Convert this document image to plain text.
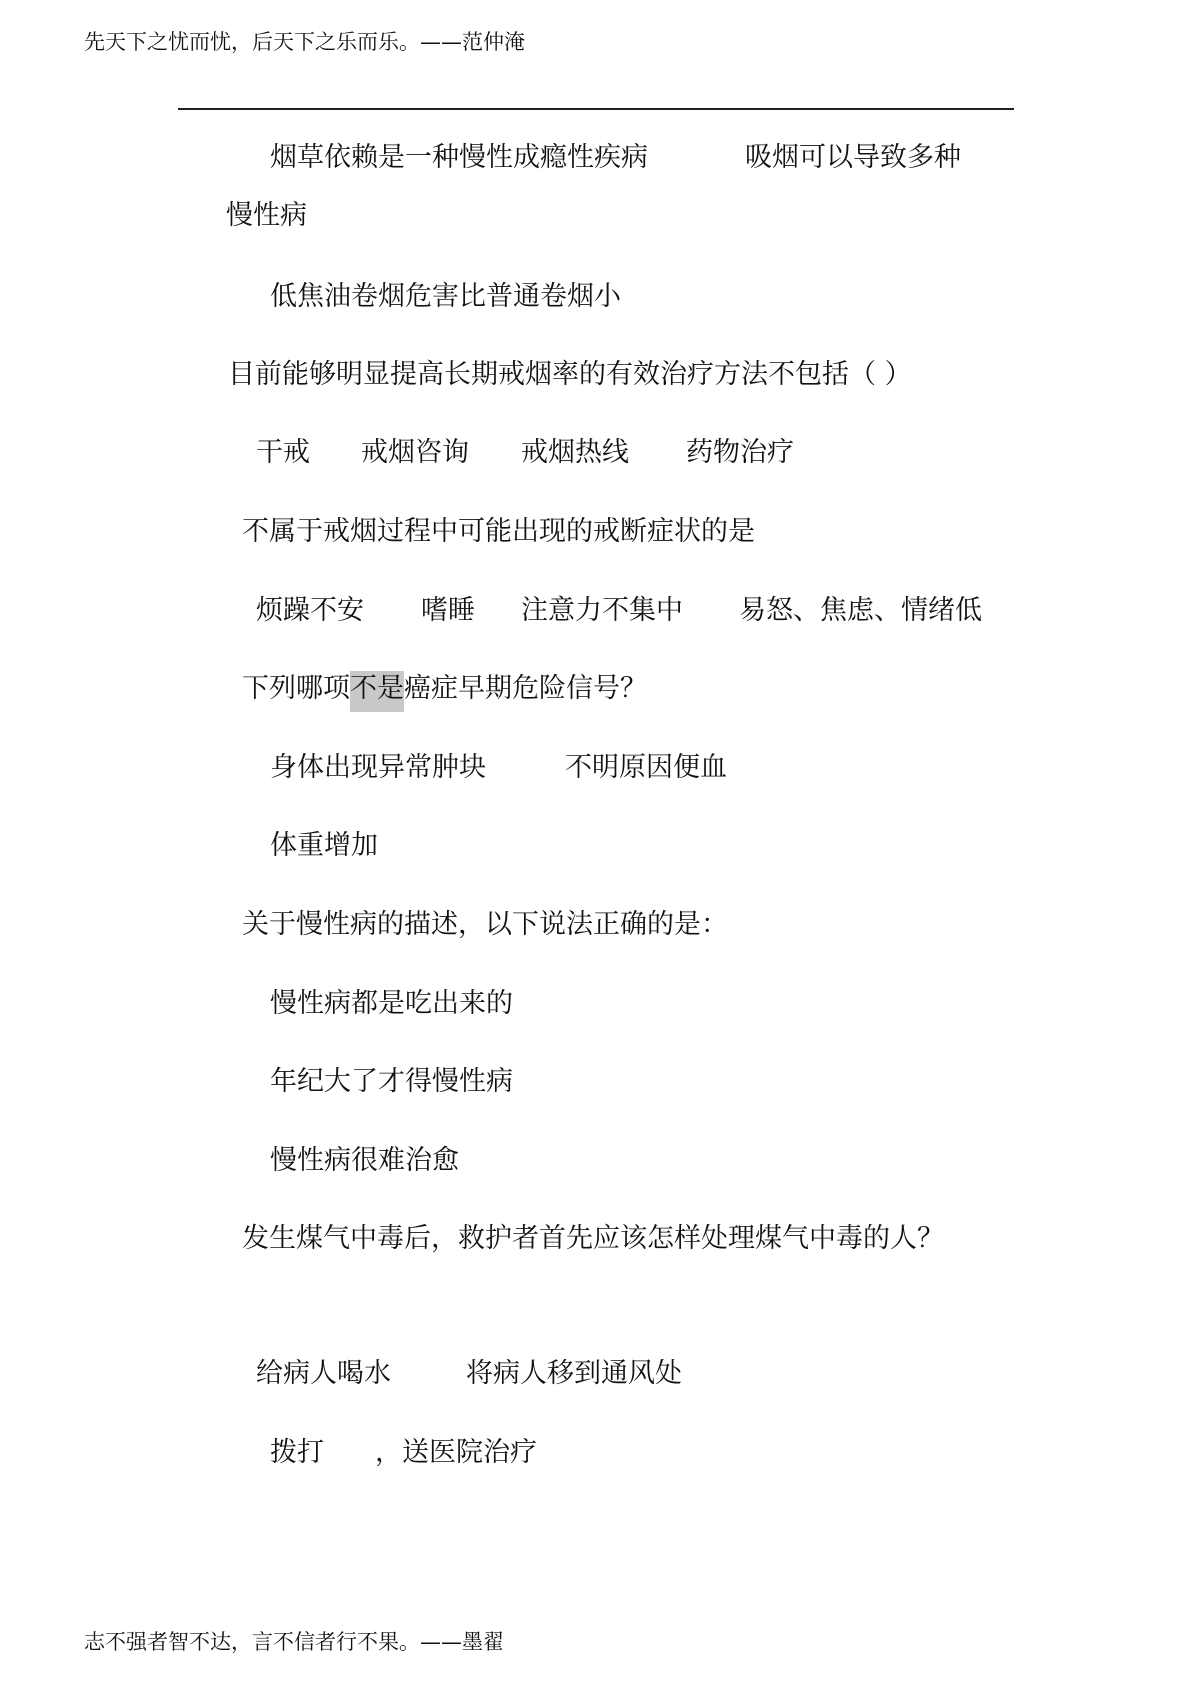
先天下之忧而忧，后天下之乐而乐。——范仲淹
烟草依赖是一种慢性成瘾性疾病	吸烟可以导致多种
慢性病
低焦油卷烟危害比普通卷烟小
目前能够明显提高长期戒烟率的有效治疗方法不包括（ ）
干戒 戒烟咨询 戒烟热线 药物治疗
不属于戒烟过程中可能出现的戒断症状的是
烦躁不安 嗜睡 注意力不集中 易怒、焦虑、情绪低
下列哪项不是癌症早期危险信号？
身体出现异常肿块	不明原因便血
体重增加
关于慢性病的描述，以下说法正确的是：
慢性病都是吃出来的
年纪大了才得慢性病
慢性病很难治愈
发生煤气中毒后，救护者首先应该怎样处理煤气中毒的人？
给病人喝水	将病人移到通风处
拨打 ，送医院治疗
志不强者智不达，言不信者行不果。——墨翟
